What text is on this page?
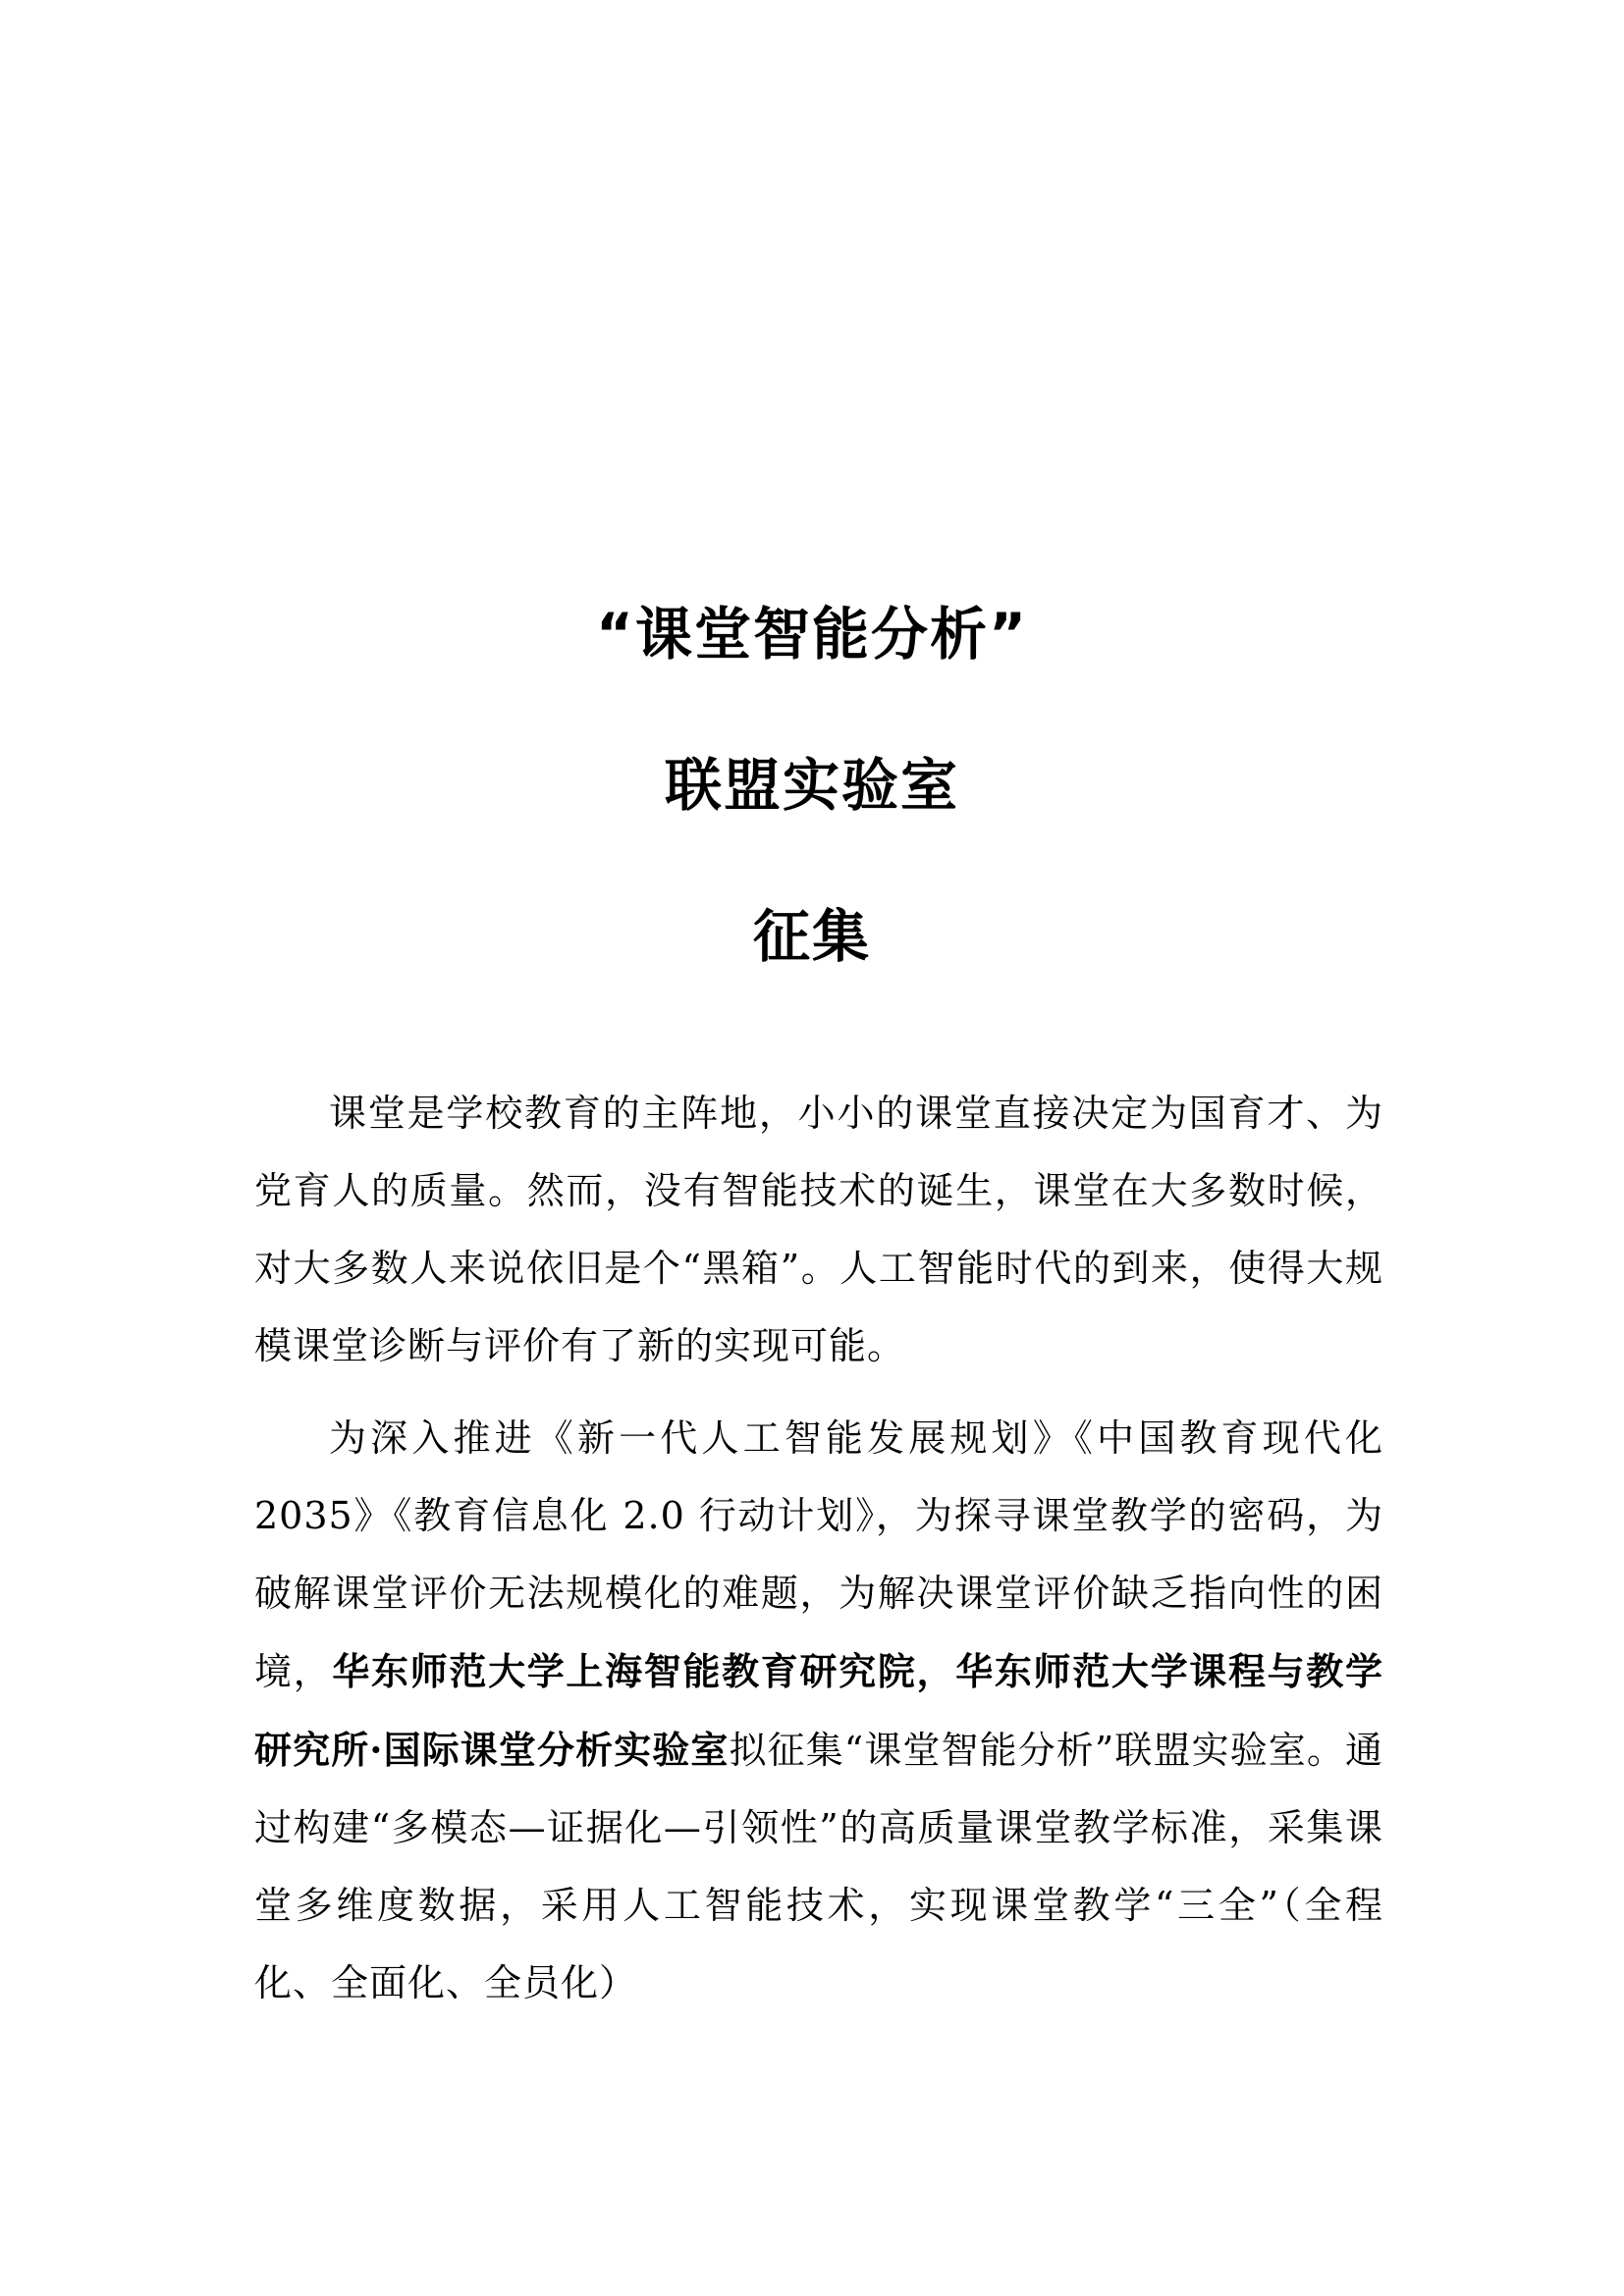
“课堂智能分析”
联盟实验室
征集

课堂是学校教育的主阵地，小小的课堂直接决定为国育才、为党育人的质量。然而，没有智能技术的诞生，课堂在大多数时候，对大多数人来说依旧是个“黑箱”。人工智能时代的到来，使得大规模课堂诊断与评价有了新的实现可能。

为深入推进《新一代人工智能发展规划》《中国教育现代化 2035》《教育信息化 2.0 行动计划》，为探寻课堂教学的密码，为破解课堂评价无法规模化的难题，为解决课堂评价缺乏指向性的困境，华东师范大学上海智能教育研究院，华东师范大学课程与教学研究所·国际课堂分析实验室拟征集“课堂智能分析”联盟实验室。通过构建“多模态—证据化—引领性”的高质量课堂教学标准，采集课堂多维度数据，采用人工智能技术，实现课堂教学“三全”（全程化、全面化、全员化）
